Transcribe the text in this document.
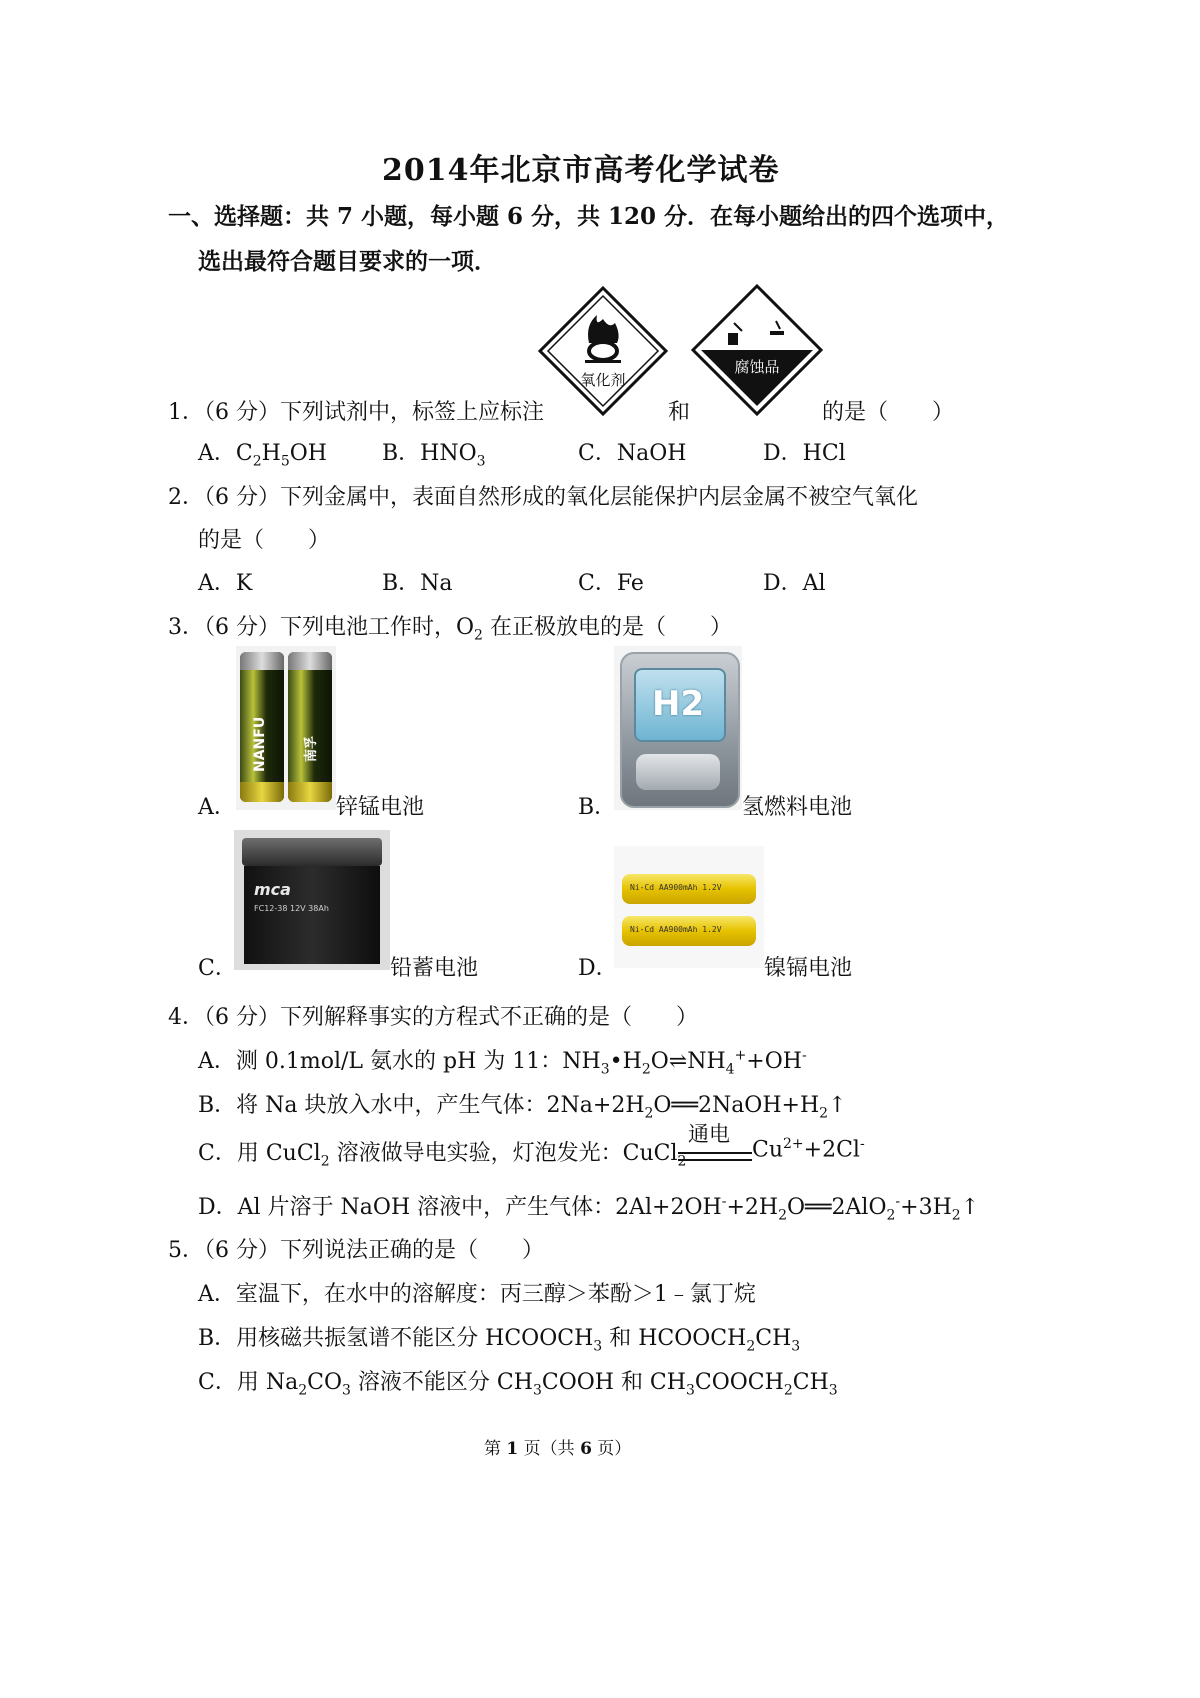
2014年北京市高考化学试卷
一、选择题：共 7 小题，每小题 6 分，共 120 分．在每小题给出的四个选项中，
选出最符合题目要求的一项．
氧化剂
腐蚀品
1．（6 分）下列试剂中，标签上应标注	和	的是（　　）
A．$C_2H_5OH$	B．$HNO_3$	C．NaOH	D．HCl
2．（6 分）下列金属中，表面自然形成的氧化层能保护内层金属不被空气氧化
的是（　　）
A．K	B．Na	C．Fe	D．Al
3．（6 分）下列电池工作时，$O_2$ 在正极放电的是（　　）
NANFU	南孚
A．	锌锰电池
H2
B．	氢燃料电池
mca
FC12-38 12V 38Ah
C．	铅蓄电池
Ni-Cd AA900mAh 1.2V
Ni-Cd AA900mAh 1.2V
D．	镍镉电池
4．（6 分）下列解释事实的方程式不正确的是（　　）
A．测 0.1mol/L 氨水的 pH 为 11：$NH_3•H_2O\rightleftharpoons NH_4^++OH^-$
B．将 Na 块放入水中，产生气体：$2Na+2H_2O══2NaOH+H_2↑$
C．用 CuCl$_2$ 溶液做导电实验，灯泡发光：CuCl$_2$
通电
$Cu^{2+}+2Cl^-$
D．Al 片溶于 NaOH 溶液中，产生气体：$2Al+2OH^-+2H_2O══2AlO_2^-+3H_2↑$
5．（6 分）下列说法正确的是（　　）
A．室温下，在水中的溶解度：丙三醇＞苯酚＞1﹣氯丁烷
B．用核磁共振氢谱不能区分 $HCOOCH_3$ 和 $HCOOCH_2CH_3$
C．用 $Na_2CO_3$ 溶液不能区分 $CH_3COOH$ 和 $CH_3COOCH_2CH_3$
第 1 页（共 6 页）
